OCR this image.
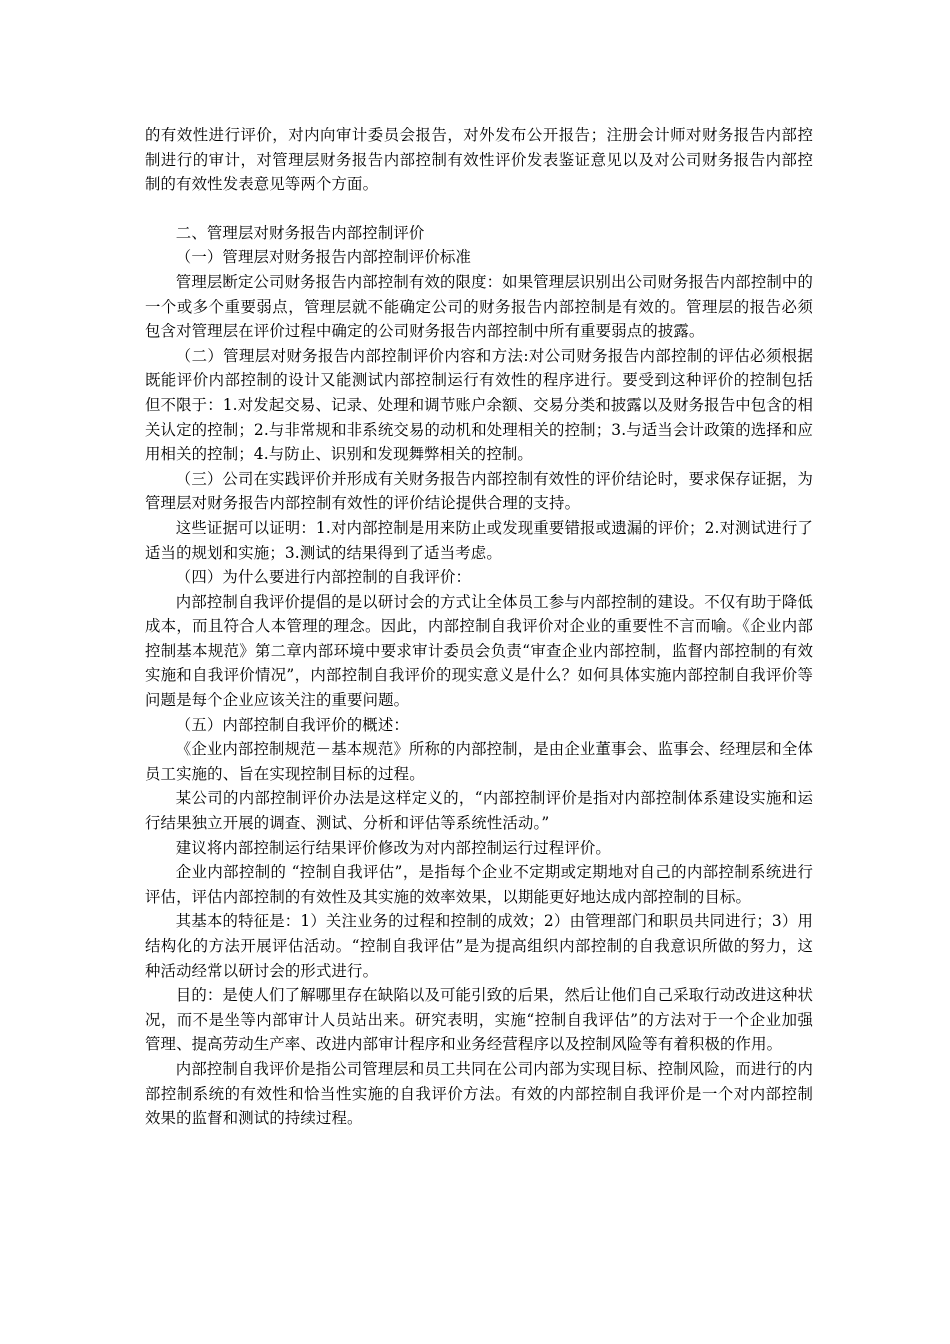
的有效性进行评价，对内向审计委员会报告，对外发布公开报告；注册会计师对财务报告内部控制进行的审计，对管理层财务报告内部控制有效性评价发表鉴证意见以及对公司财务报告内部控制的有效性发表意见等两个方面。

二、管理层对财务报告内部控制评价

（一）管理层对财务报告内部控制评价标准

管理层断定公司财务报告内部控制有效的限度：如果管理层识别出公司财务报告内部控制中的一个或多个重要弱点，管理层就不能确定公司的财务报告内部控制是有效的。管理层的报告必须包含对管理层在评价过程中确定的公司财务报告内部控制中所有重要弱点的披露。

（二）管理层对财务报告内部控制评价内容和方法:对公司财务报告内部控制的评估必须根据既能评价内部控制的设计又能测试内部控制运行有效性的程序进行。要受到这种评价的控制包括但不限于：1.对发起交易、记录、处理和调节账户余额、交易分类和披露以及财务报告中包含的相关认定的控制；2.与非常规和非系统交易的动机和处理相关的控制；3.与适当会计政策的选择和应用相关的控制；4.与防止、识别和发现舞弊相关的控制。

（三）公司在实践评价并形成有关财务报告内部控制有效性的评价结论时，要求保存证据，为管理层对财务报告内部控制有效性的评价结论提供合理的支持。

这些证据可以证明：1.对内部控制是用来防止或发现重要错报或遗漏的评价；2.对测试进行了适当的规划和实施；3.测试的结果得到了适当考虑。

（四）为什么要进行内部控制的自我评价：

内部控制自我评价提倡的是以研讨会的方式让全体员工参与内部控制的建设。不仅有助于降低成本，而且符合人本管理的理念。因此，内部控制自我评价对企业的重要性不言而喻。《企业内部控制基本规范》第二章内部环境中要求审计委员会负责“审查企业内部控制，监督内部控制的有效实施和自我评价情况”，内部控制自我评价的现实意义是什么？如何具体实施内部控制自我评价等问题是每个企业应该关注的重要问题。

（五）内部控制自我评价的概述：

《企业内部控制规范－基本规范》所称的内部控制，是由企业董事会、监事会、经理层和全体员工实施的、旨在实现控制目标的过程。

某公司的内部控制评价办法是这样定义的，“内部控制评价是指对内部控制体系建设实施和运行结果独立开展的调查、测试、分析和评估等系统性活动。”

建议将内部控制运行结果评价修改为对内部控制运行过程评价。

企业内部控制的 “控制自我评估”，是指每个企业不定期或定期地对自己的内部控制系统进行评估，评估内部控制的有效性及其实施的效率效果，以期能更好地达成内部控制的目标。

其基本的特征是：1）关注业务的过程和控制的成效；2）由管理部门和职员共同进行；3）用结构化的方法开展评估活动。“控制自我评估”是为提高组织内部控制的自我意识所做的努力，这种活动经常以研讨会的形式进行。

目的：是使人们了解哪里存在缺陷以及可能引致的后果，然后让他们自己采取行动改进这种状况，而不是坐等内部审计人员站出来。研究表明，实施“控制自我评估”的方法对于一个企业加强管理、提高劳动生产率、改进内部审计程序和业务经营程序以及控制风险等有着积极的作用。

内部控制自我评价是指公司管理层和员工共同在公司内部为实现目标、控制风险，而进行的内部控制系统的有效性和恰当性实施的自我评价方法。有效的内部控制自我评价是一个对内部控制效果的监督和测试的持续过程。
